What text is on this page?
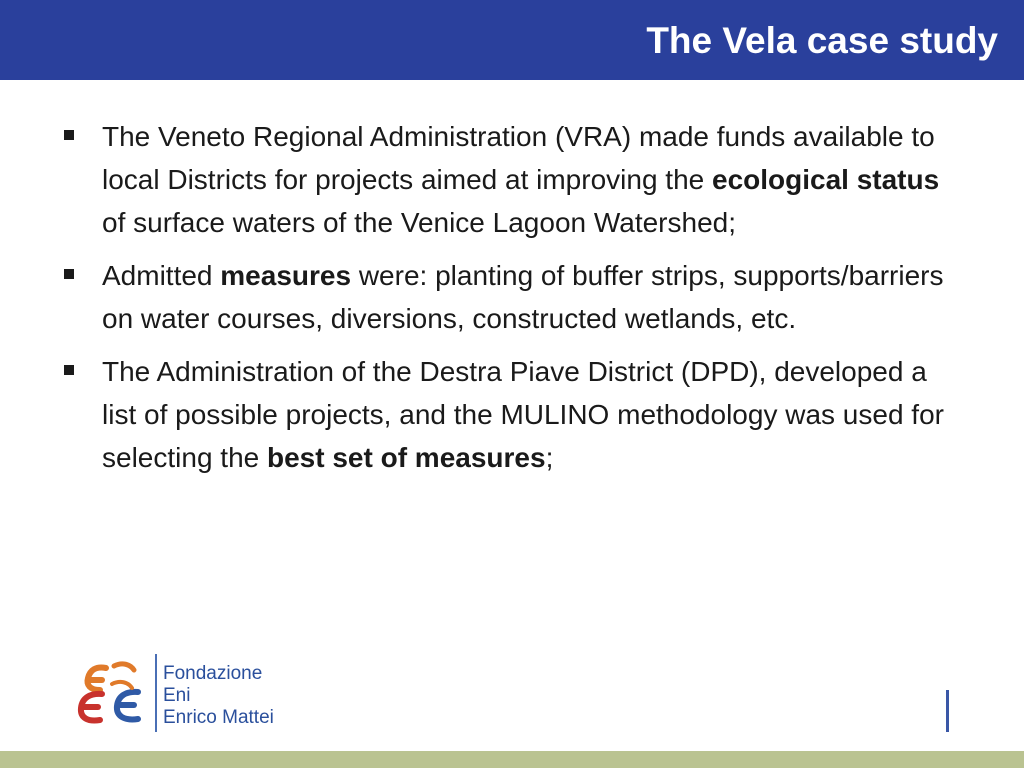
The Vela case study
The Veneto Regional Administration (VRA) made funds available to local Districts for projects aimed at improving the ecological status of surface waters of the Venice Lagoon Watershed;
Admitted measures were: planting of buffer strips, supports/barriers on water courses, diversions, constructed wetlands, etc.
The Administration of the Destra Piave District (DPD), developed a list of possible projects, and the MULINO methodology was used for selecting the best set of measures;
Fondazione
Eni
Enrico Mattei
